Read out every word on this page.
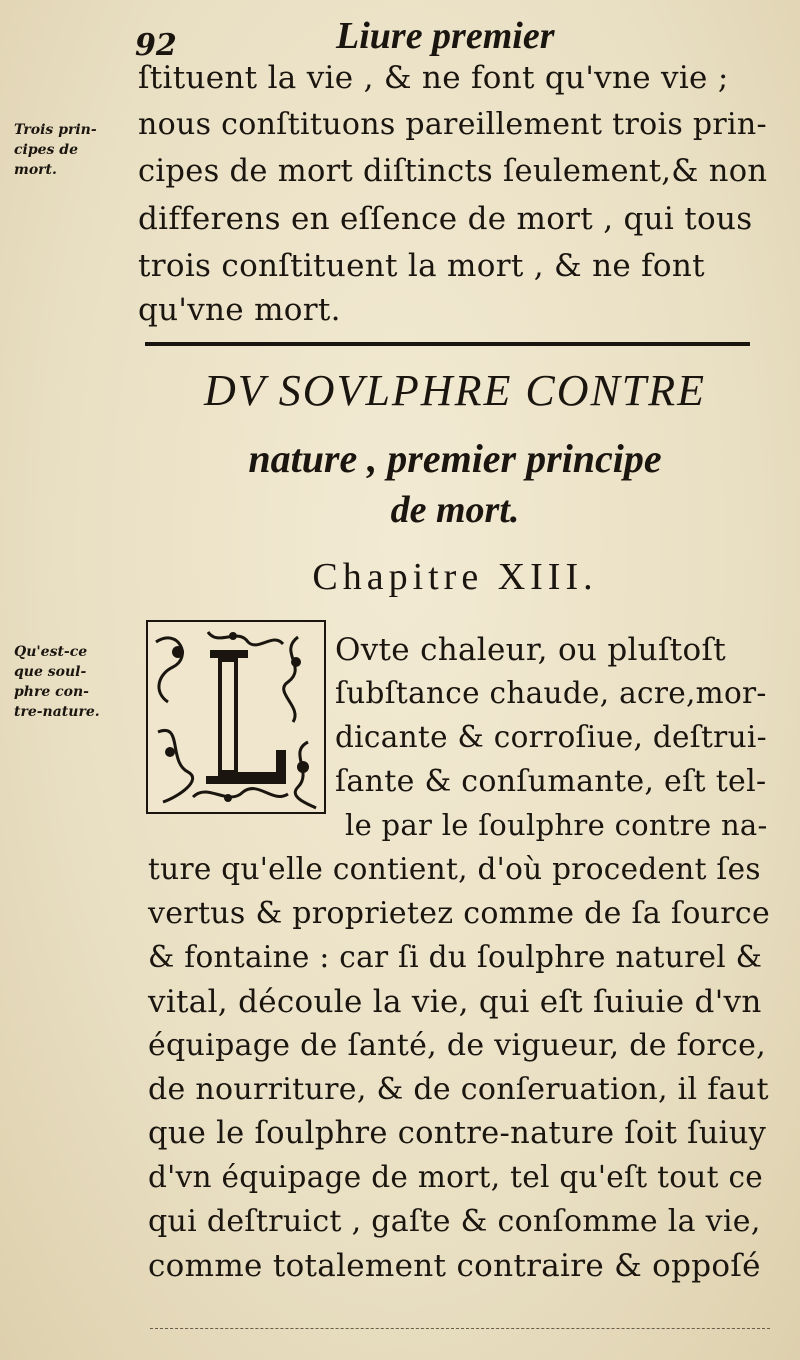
92	Liure premier
Trois prin-
cipes de
mort.
ſtituent la vie , & ne font qu'vne vie ;
nous conſtituons pareillement trois prin-
cipes de mort diſtincts ſeulement,& non
differens en eſſence de mort , qui tous
trois conſtituent la mort , & ne font
qu'vne mort.
DV SOVLPHRE CONTRE
nature , premier principe
de mort.
Chapitre XIII.
Qu'est-ce
que soul-
phre con-
tre-nature.
Ovte chaleur, ou pluſtoſt
ſubſtance chaude, acre,mor-
dicante & corroſiue, deſtrui-
ſante & conſumante, eſt tel-
le par le ſoulphre contre na-
ture qu'elle contient, d'où procedent ſes
vertus & proprietez comme de ſa ſource
& fontaine : car ſi du ſoulphre naturel &
vital, découle la vie, qui eſt ſuiuie d'vn
équipage de ſanté, de vigueur, de force,
de nourriture, & de conſeruation, il faut
que le ſoulphre contre-nature ſoit ſuiuy
d'vn équipage de mort, tel qu'eſt tout ce
qui deſtruict , gaſte & conſomme la vie,
comme totalement contraire & oppoſé
